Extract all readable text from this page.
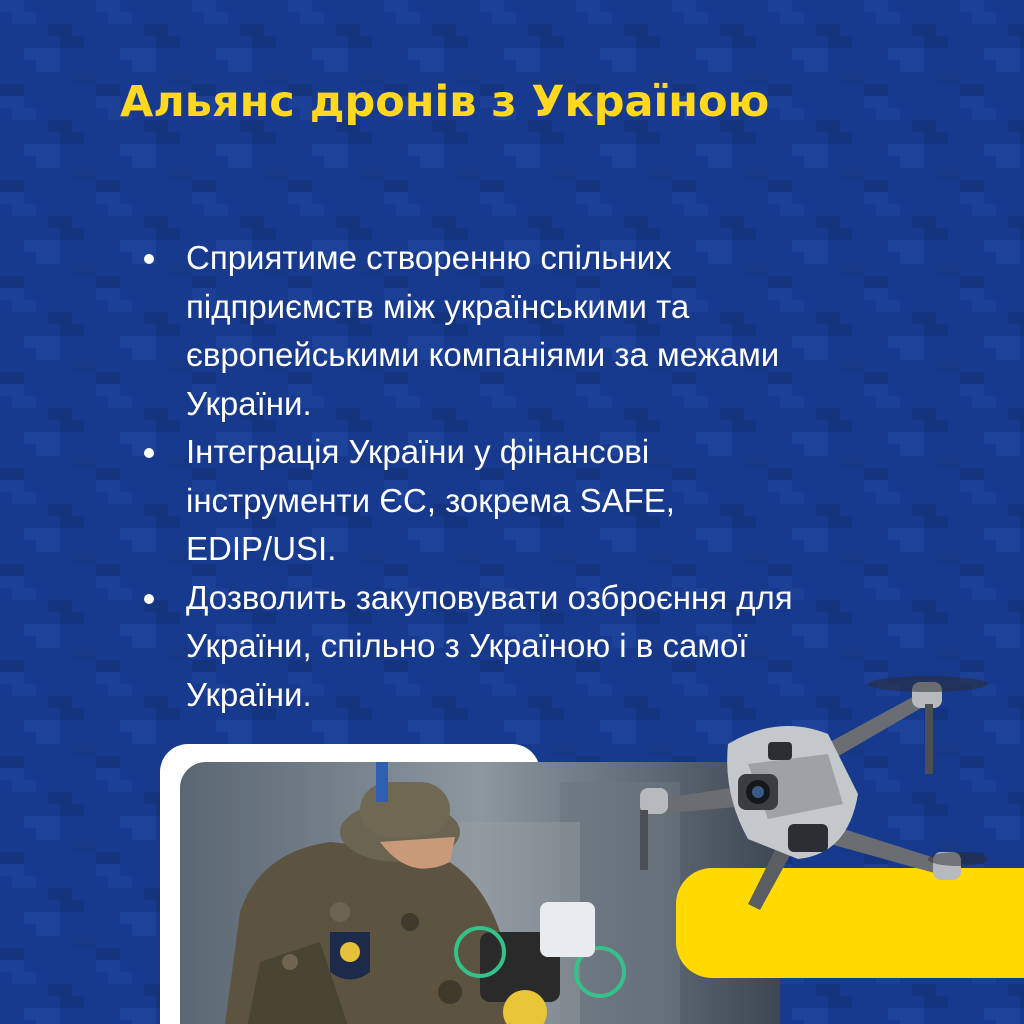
Альянс дронів з Україною
Сприятиме створенню спільних
підприємств між українськими та
європейськими компаніями за межами
України.
Інтеграція України у фінансові
інструменти ЄС, зокрема SAFE,
EDIP/USI.
Дозволить закуповувати озброєння для
України, спільно з Україною і в самої
України.
